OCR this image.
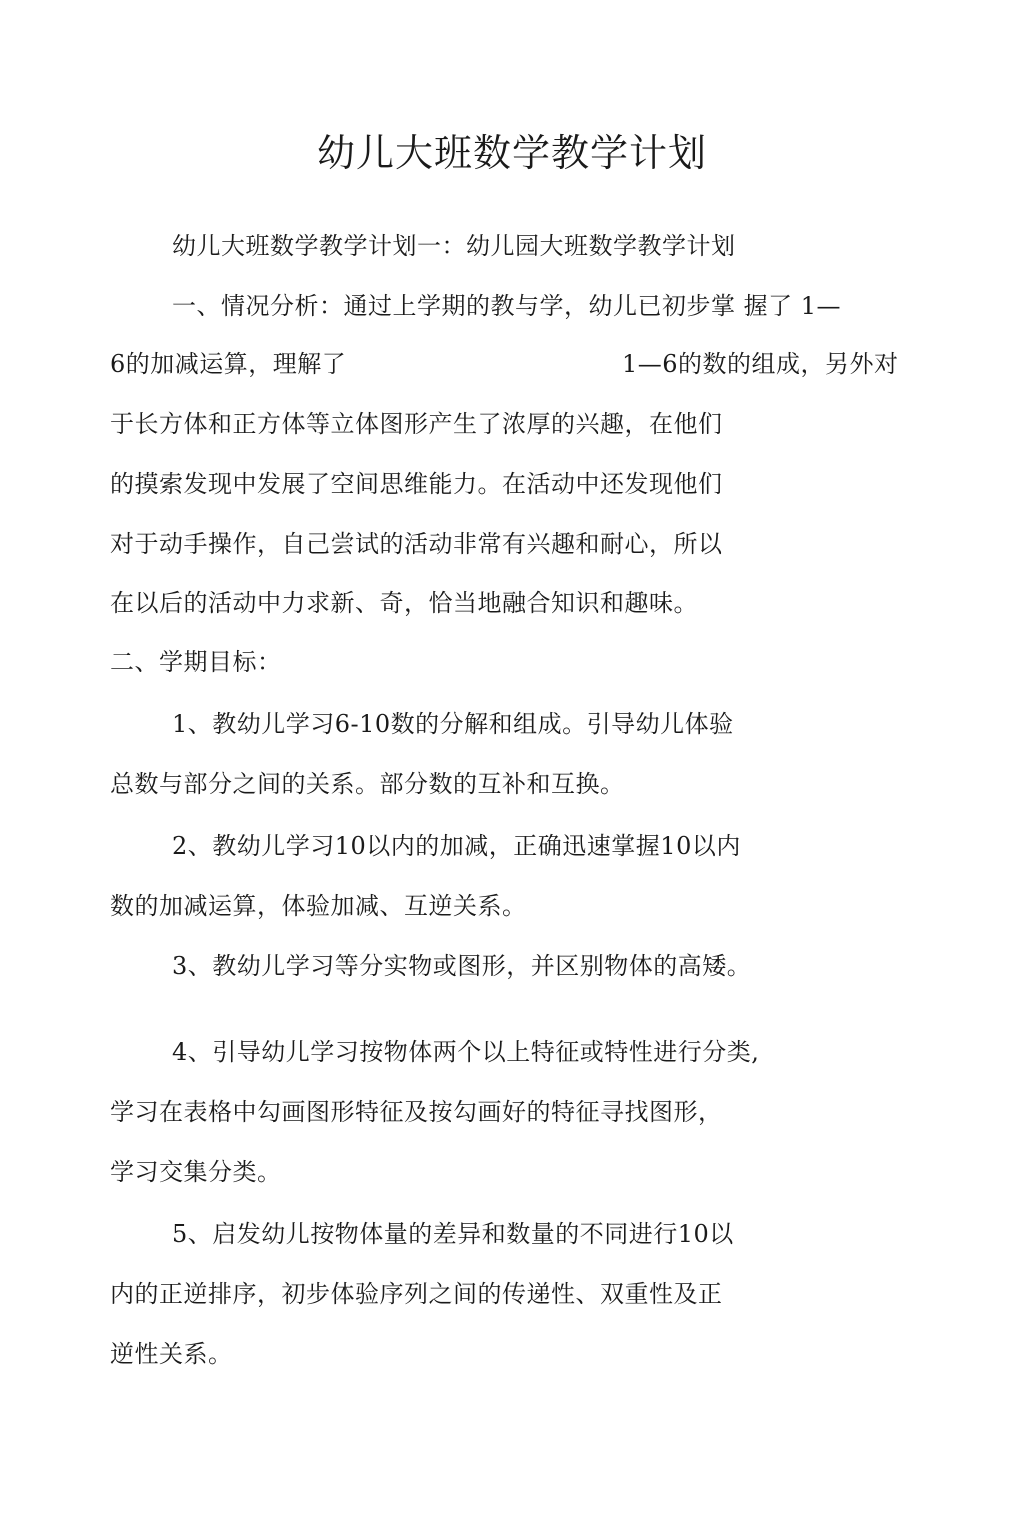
幼儿大班数学教学计划
幼儿大班数学教学计划一：幼儿园大班数学教学计划
一、情况分析：通过上学期的教与学，幼儿已初步掌 握了 1—
6的加减运算，理解了	1—6的数的组成，另外对
于长方体和正方体等立体图形产生了浓厚的兴趣，在他们
的摸索发现中发展了空间思维能力。在活动中还发现他们
对于动手操作，自己尝试的活动非常有兴趣和耐心，所以
在以后的活动中力求新、奇，恰当地融合知识和趣味。
二、学期目标：
1、教幼儿学习6-10数的分解和组成。引导幼儿体验
总数与部分之间的关系。部分数的互补和互换。
2、教幼儿学习10以内的加减，正确迅速掌握10以内
数的加减运算，体验加减、互逆关系。
3、教幼儿学习等分实物或图形，并区别物体的高矮。
4、引导幼儿学习按物体两个以上特征或特性进行分类,
学习在表格中勾画图形特征及按勾画好的特征寻找图形，
学习交集分类。
5、启发幼儿按物体量的差异和数量的不同进行10以
内的正逆排序，初步体验序列之间的传递性、双重性及正
逆性关系。
